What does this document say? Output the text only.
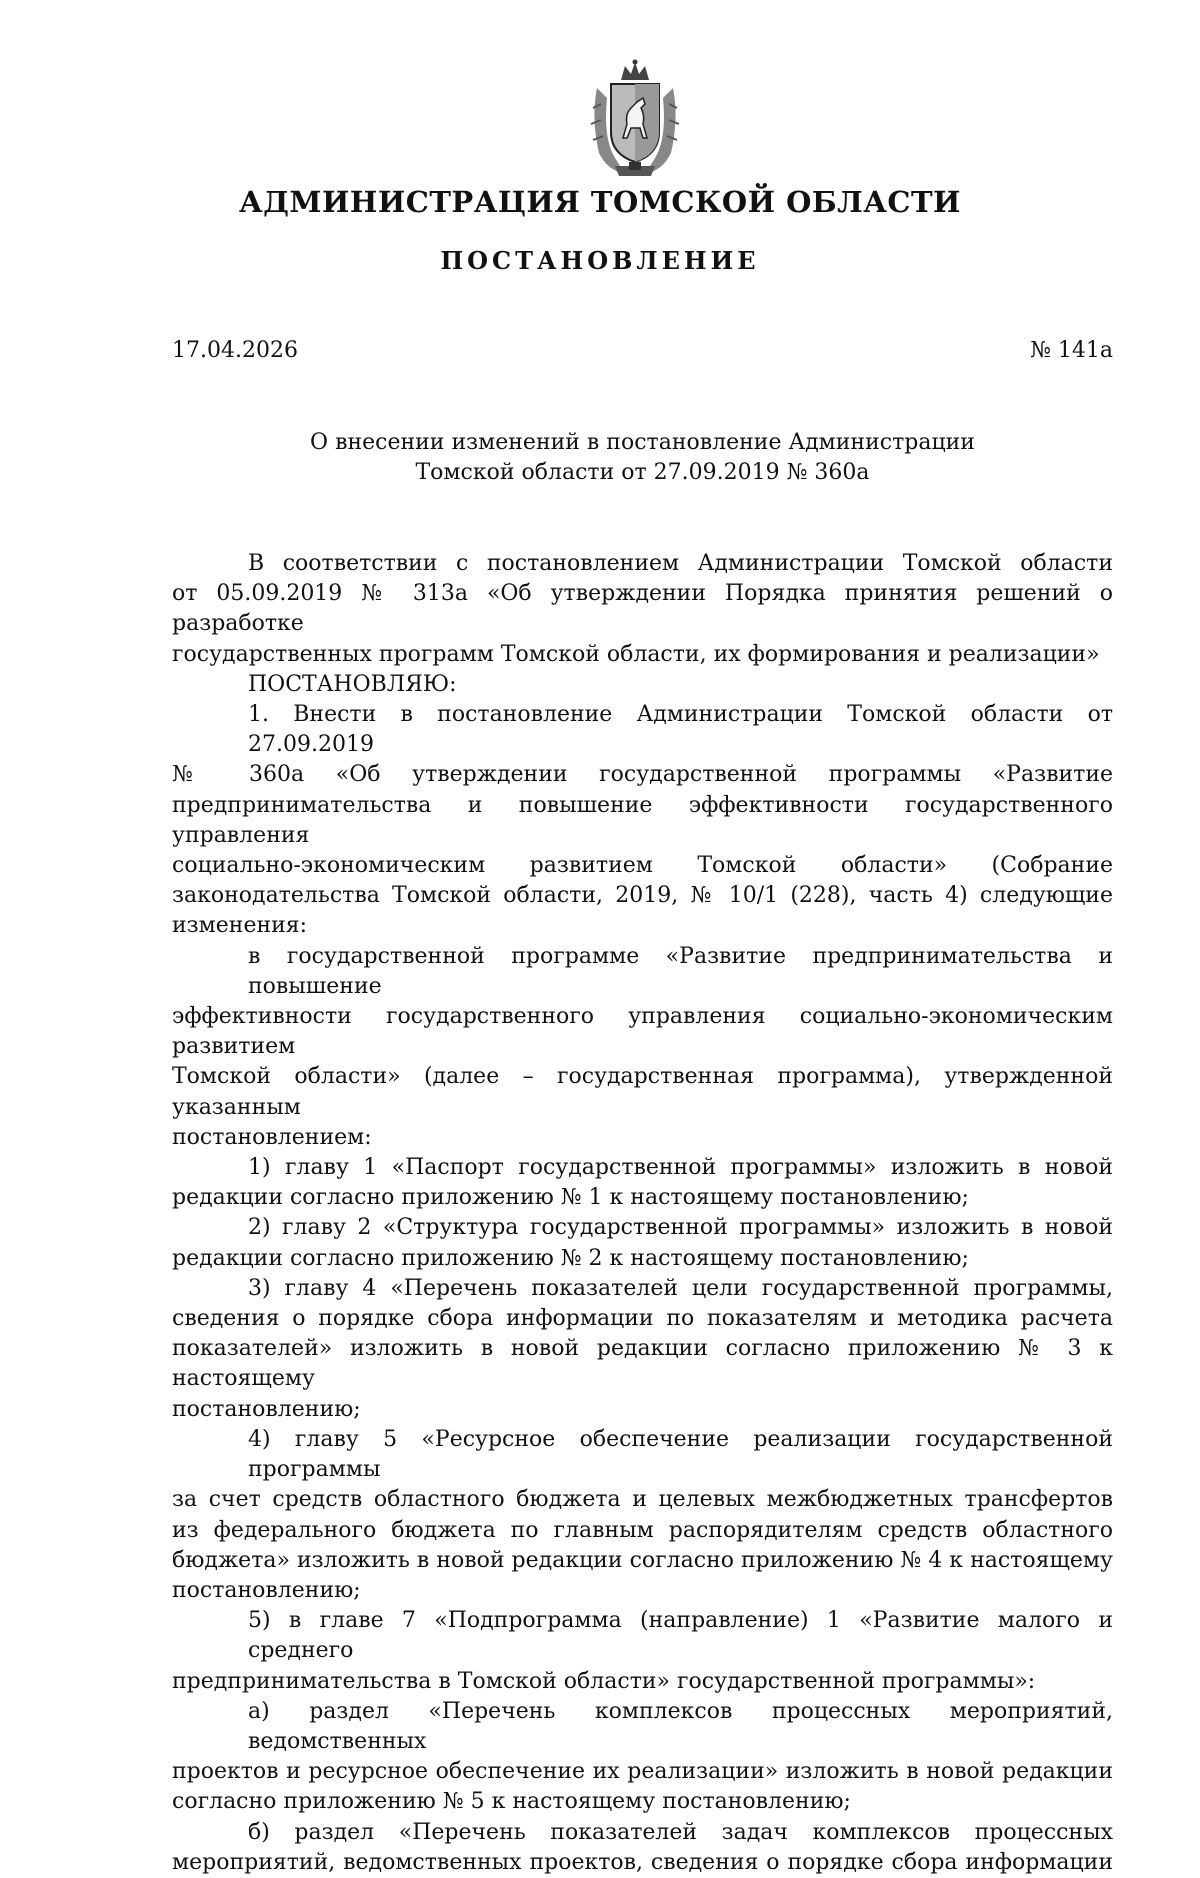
АДМИНИСТРАЦИЯ ТОМСКОЙ ОБЛАСТИ
ПОСТАНОВЛЕНИЕ
17.04.2026	№ 141а
О внесении изменений в постановление Администрации
Томской области от 27.09.2019 № 360а
В соответствии с постановлением Администрации Томской области
от 05.09.2019 № 313а «Об утверждении Порядка принятия решений о разработке
государственных программ Томской области, их формирования и реализации»
ПОСТАНОВЛЯЮ:
1. Внести в постановление Администрации Томской области от 27.09.2019
№ 360а «Об утверждении государственной программы «Развитие
предпринимательства и повышение эффективности государственного управления
социально-экономическим развитием Томской области» (Собрание
законодательства Томской области, 2019, № 10/1 (228), часть 4) следующие
изменения:
в государственной программе «Развитие предпринимательства и повышение
эффективности государственного управления социально-экономическим развитием
Томской области» (далее – государственная программа), утвержденной указанным
постановлением:
1) главу 1 «Паспорт государственной программы» изложить в новой
редакции согласно приложению № 1 к настоящему постановлению;
2) главу 2 «Структура государственной программы» изложить в новой
редакции согласно приложению № 2 к настоящему постановлению;
3) главу 4 «Перечень показателей цели государственной программы,
сведения о порядке сбора информации по показателям и методика расчета
показателей» изложить в новой редакции согласно приложению № 3 к настоящему
постановлению;
4) главу 5 «Ресурсное обеспечение реализации государственной программы
за счет средств областного бюджета и целевых межбюджетных трансфертов
из федерального бюджета по главным распорядителям средств областного
бюджета» изложить в новой редакции согласно приложению № 4 к настоящему
постановлению;
5) в главе 7 «Подпрограмма (направление) 1 «Развитие малого и среднего
предпринимательства в Томской области» государственной программы»:
а) раздел «Перечень комплексов процессных мероприятий, ведомственных
проектов и ресурсное обеспечение их реализации» изложить в новой редакции
согласно приложению № 5 к настоящему постановлению;
б) раздел «Перечень показателей задач комплексов процессных
мероприятий, ведомственных проектов, сведения о порядке сбора информации
